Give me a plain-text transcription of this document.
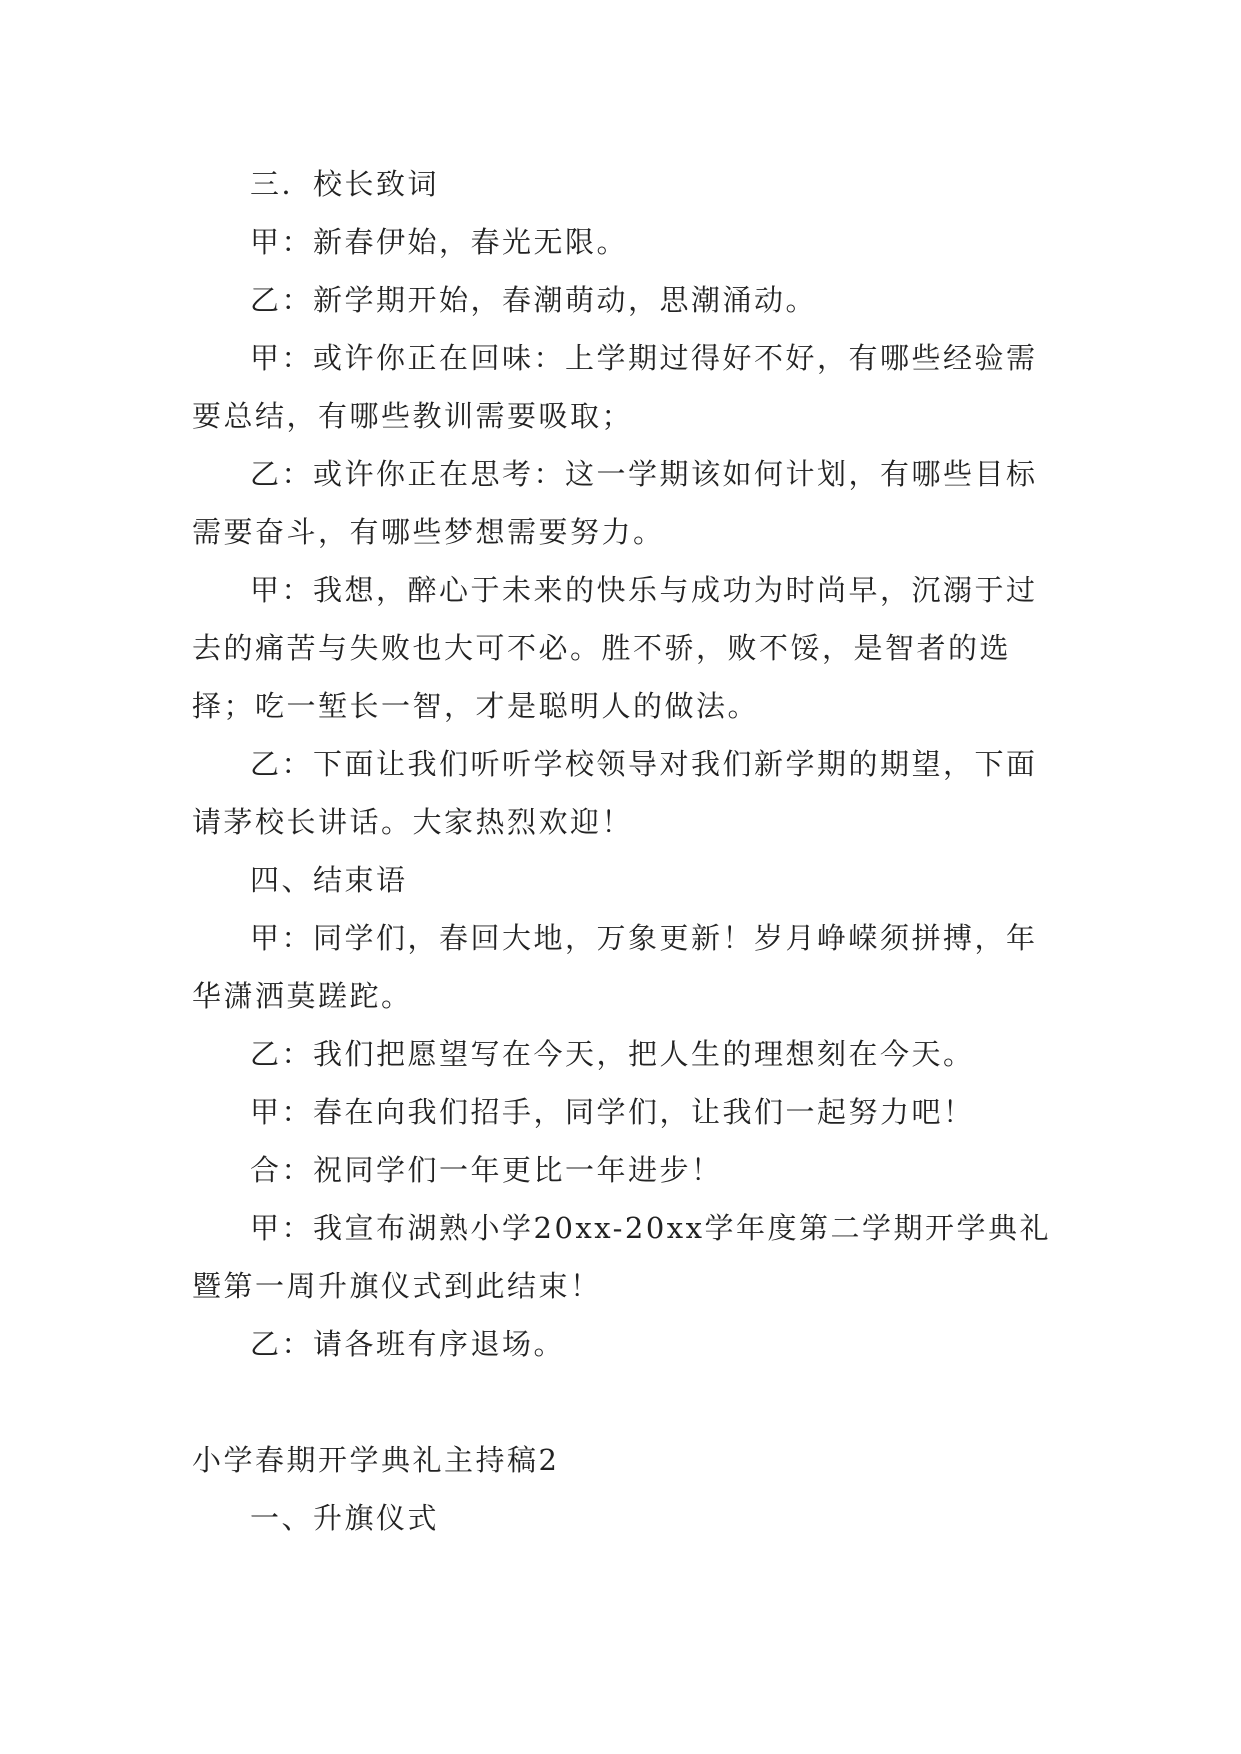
三．校长致词

甲：新春伊始，春光无限。

乙：新学期开始，春潮萌动，思潮涌动。

甲：或许你正在回味：上学期过得好不好，有哪些经验需要总结，有哪些教训需要吸取；

乙：或许你正在思考：这一学期该如何计划，有哪些目标需要奋斗，有哪些梦想需要努力。

甲：我想，醉心于未来的快乐与成功为时尚早，沉溺于过去的痛苦与失败也大可不必。胜不骄，败不馁，是智者的选择；吃一堑长一智，才是聪明人的做法。

乙：下面让我们听听学校领导对我们新学期的期望，下面请茅校长讲话。大家热烈欢迎！

四、结束语

甲：同学们，春回大地，万象更新！岁月峥嵘须拼搏，年华潇洒莫蹉跎。

乙：我们把愿望写在今天，把人生的理想刻在今天。

甲：春在向我们招手，同学们，让我们一起努力吧！

合：祝同学们一年更比一年进步！

甲：我宣布湖熟小学20xx-20xx学年度第二学期开学典礼暨第一周升旗仪式到此结束！

乙：请各班有序退场。

小学春期开学典礼主持稿2

一、升旗仪式
